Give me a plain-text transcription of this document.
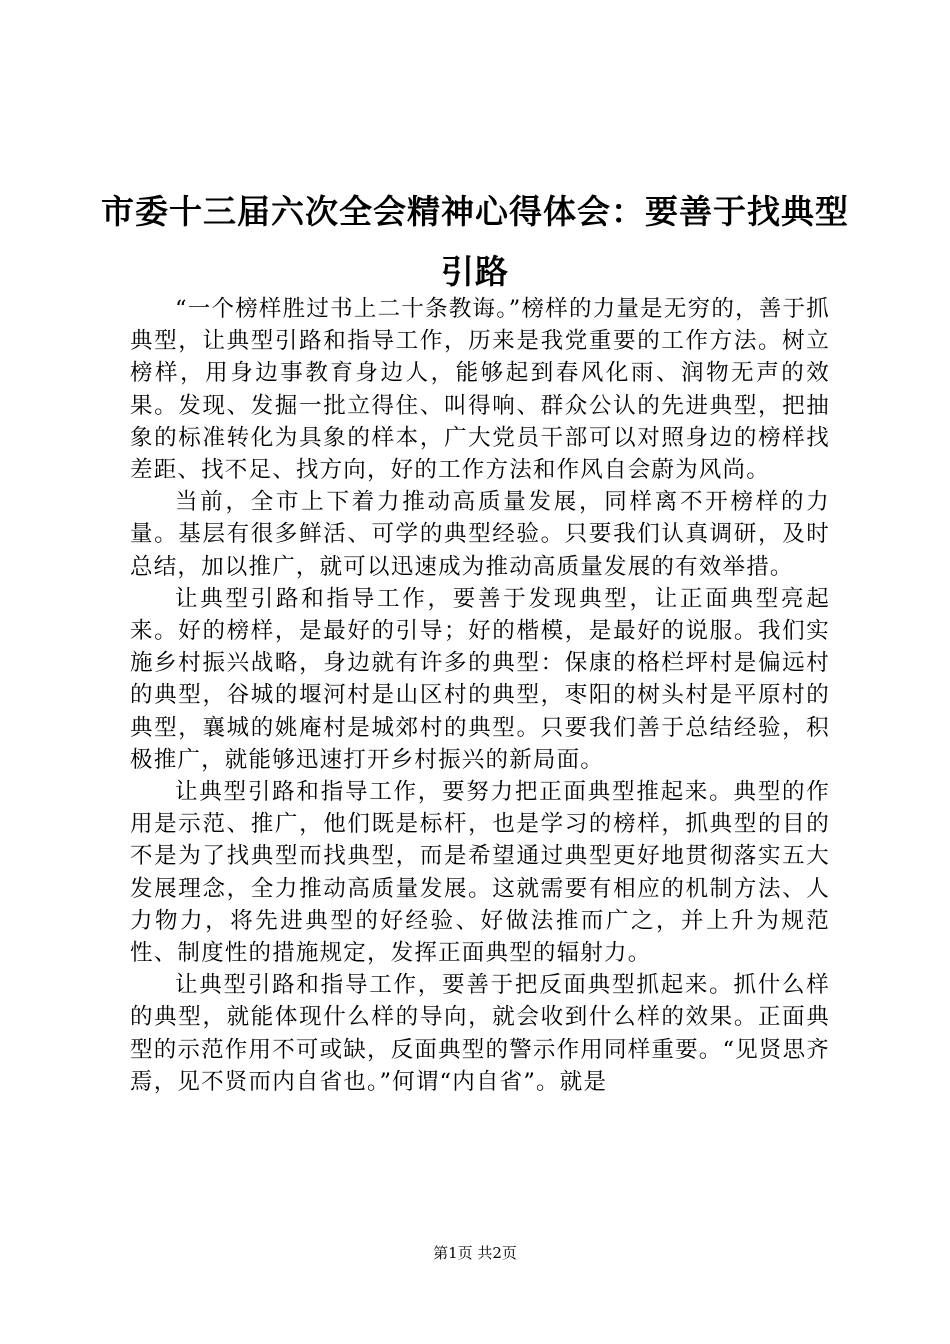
市委十三届六次全会精神心得体会：要善于找典型引路

“一个榜样胜过书上二十条教诲。”榜样的力量是无穷的，善于抓典型，让典型引路和指导工作，历来是我党重要的工作方法。树立榜样，用身边事教育身边人，能够起到春风化雨、润物无声的效果。发现、发掘一批立得住、叫得响、群众公认的先进典型，把抽象的标准转化为具象的样本，广大党员干部可以对照身边的榜样找差距、找不足、找方向，好的工作方法和作风自会蔚为风尚。

当前，全市上下着力推动高质量发展，同样离不开榜样的力量。基层有很多鲜活、可学的典型经验。只要我们认真调研，及时总结，加以推广，就可以迅速成为推动高质量发展的有效举措。

让典型引路和指导工作，要善于发现典型，让正面典型亮起来。好的榜样，是最好的引导；好的楷模，是最好的说服。我们实施乡村振兴战略，身边就有许多的典型：保康的格栏坪村是偏远村的典型，谷城的堰河村是山区村的典型，枣阳的树头村是平原村的典型，襄城的姚庵村是城郊村的典型。只要我们善于总结经验，积极推广，就能够迅速打开乡村振兴的新局面。

让典型引路和指导工作，要努力把正面典型推起来。典型的作用是示范、推广，他们既是标杆，也是学习的榜样，抓典型的目的不是为了找典型而找典型，而是希望通过典型更好地贯彻落实五大发展理念，全力推动高质量发展。这就需要有相应的机制方法、人力物力，将先进典型的好经验、好做法推而广之，并上升为规范性、制度性的措施规定，发挥正面典型的辐射力。

让典型引路和指导工作，要善于把反面典型抓起来。抓什么样的典型，就能体现什么样的导向，就会收到什么样的效果。正面典型的示范作用不可或缺，反面典型的警示作用同样重要。“见贤思齐焉，见不贤而内自省也。”何谓“内自省”。就是

第1页 共2页
